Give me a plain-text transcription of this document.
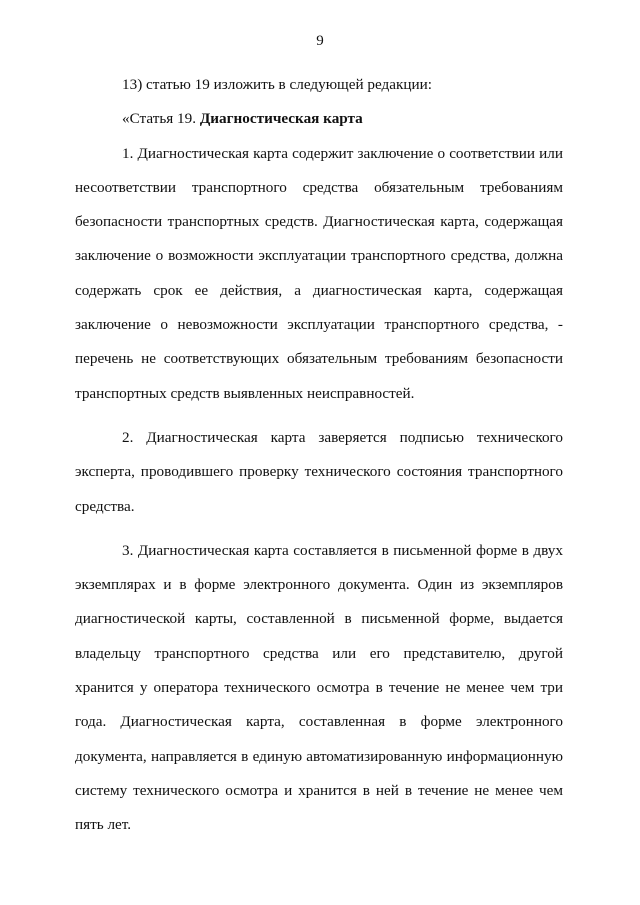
9

13) статью 19 изложить в следующей редакции:

«Статья 19. Диагностическая карта

1. Диагностическая карта содержит заключение о соответствии или
несоответствии транспортного средства обязательным требованиям
безопасности транспортных средств. Диагностическая карта, содержащая
заключение о возможности эксплуатации транспортного средства, должна
содержать срок ее действия, а диагностическая карта, содержащая
заключение о невозможности эксплуатации транспортного средства, -
перечень не соответствующих обязательным требованиям безопасности
транспортных средств выявленных неисправностей.

2. Диагностическая карта заверяется подписью технического
эксперта, проводившего проверку технического состояния транспортного
средства.

3. Диагностическая карта составляется в письменной форме в двух
экземплярах и в форме электронного документа. Один из экземпляров
диагностической карты, составленной в письменной форме, выдается
владельцу транспортного средства или его представителю, другой
хранится у оператора технического осмотра в течение не менее чем три
года. Диагностическая карта, составленная в форме электронного
документа, направляется в единую автоматизированную информационную
систему технического осмотра и хранится в ней в течение не менее чем
пять лет.
